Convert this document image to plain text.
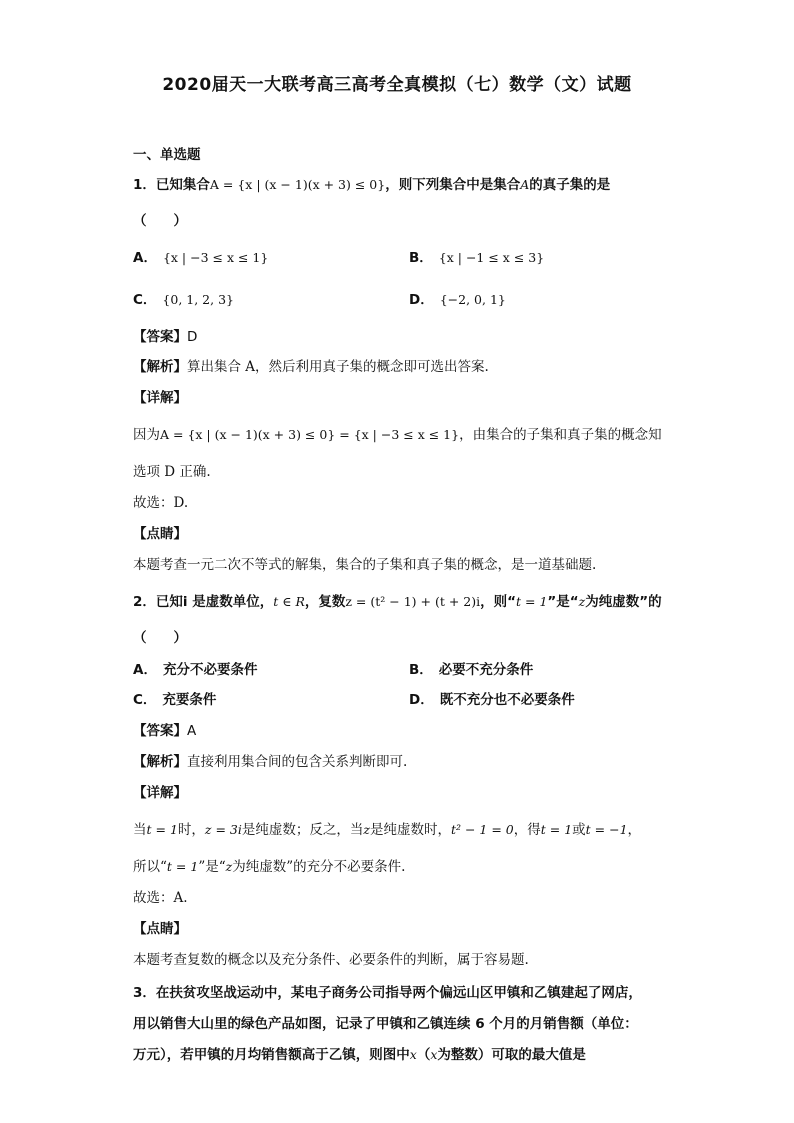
2020届天一大联考高三高考全真模拟（七）数学（文）试题
一、单选题
1．已知集合A = {x | (x − 1)(x + 3) ≤ 0}，则下列集合中是集合A的真子集的是
（　　）
A． {x | −3 ≤ x ≤ 1}	B． {x | −1 ≤ x ≤ 3}
C． {0, 1, 2, 3}	D． {−2, 0, 1}
【答案】D
【解析】算出集合 A，然后利用真子集的概念即可选出答案.
【详解】
因为A = {x | (x − 1)(x + 3) ≤ 0} = {x | −3 ≤ x ≤ 1}，由集合的子集和真子集的概念知
选项 D 正确.
故选：D.
【点睛】
本题考查一元二次不等式的解集，集合的子集和真子集的概念，是一道基础题.
2．已知i 是虚数单位，t ∈ R，复数z = (t² − 1) + (t + 2)i，则“t = 1”是“z为纯虚数”的
（　　）
A． 充分不必要条件	B． 必要不充分条件
C． 充要条件	D． 既不充分也不必要条件
【答案】A
【解析】直接利用集合间的包含关系判断即可.
【详解】
当t = 1时，z = 3i是纯虚数；反之，当z是纯虚数时，t² − 1 = 0，得t = 1或t = −1，
所以“t = 1”是“z为纯虚数”的充分不必要条件.
故选：A.
【点睛】
本题考查复数的概念以及充分条件、必要条件的判断，属于容易题.
3．在扶贫攻坚战运动中，某电子商务公司指导两个偏远山区甲镇和乙镇建起了网店，
用以销售大山里的绿色产品如图，记录了甲镇和乙镇连续 6 个月的月销售额（单位：
万元），若甲镇的月均销售额高于乙镇，则图中x（x为整数）可取的最大值是
